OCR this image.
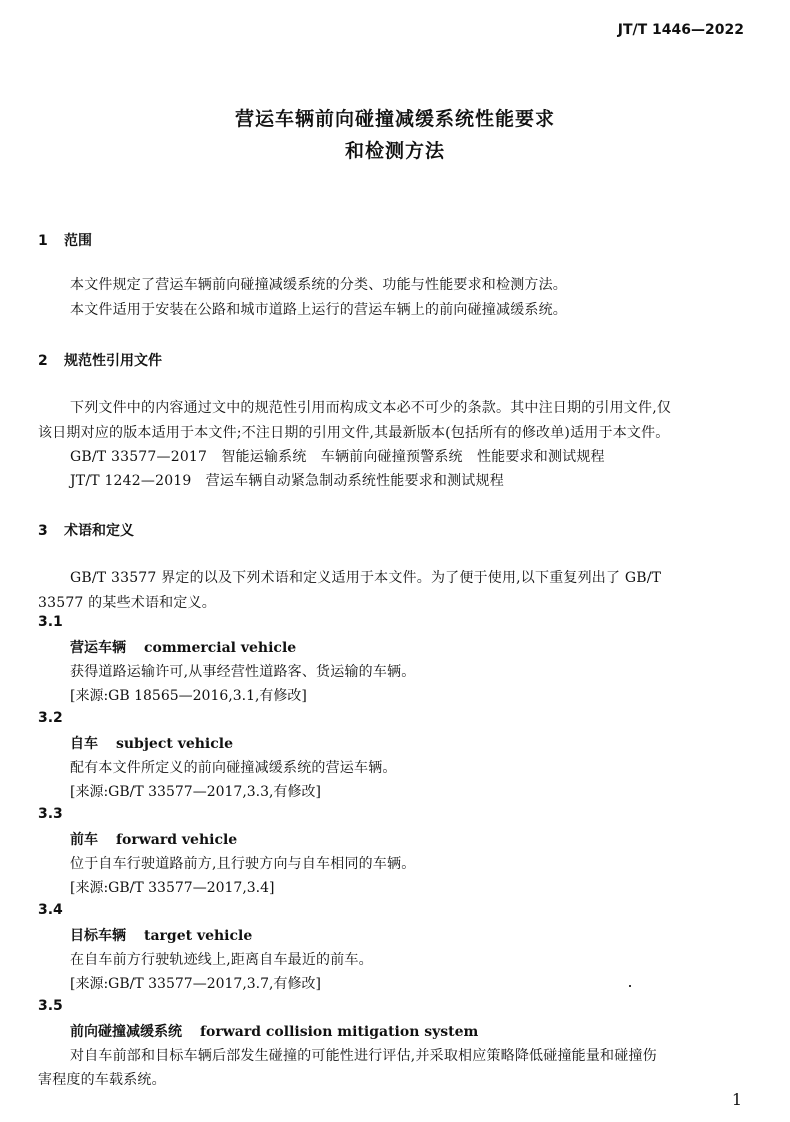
JT/T 1446—2022
营运车辆前向碰撞减缓系统性能要求
和检测方法
1 范围
本文件规定了营运车辆前向碰撞减缓系统的分类、功能与性能要求和检测方法。
本文件适用于安装在公路和城市道路上运行的营运车辆上的前向碰撞减缓系统。
2 规范性引用文件
下列文件中的内容通过文中的规范性引用而构成文本必不可少的条款。其中注日期的引用文件,仅
该日期对应的版本适用于本文件;不注日期的引用文件,其最新版本(包括所有的修改单)适用于本文件。
GB/T 33577—2017　智能运输系统　车辆前向碰撞预警系统　性能要求和测试规程
JT/T 1242—2019　营运车辆自动紧急制动系统性能要求和测试规程
3 术语和定义
GB/T 33577 界定的以及下列术语和定义适用于本文件。为了便于使用,以下重复列出了 GB/T
33577 的某些术语和定义。
3.1
营运车辆 commercial vehicle
获得道路运输许可,从事经营性道路客、货运输的车辆。
[来源:GB 18565—2016,3.1,有修改]
3.2
自车 subject vehicle
配有本文件所定义的前向碰撞减缓系统的营运车辆。
[来源:GB/T 33577—2017,3.3,有修改]
3.3
前车 forward vehicle
位于自车行驶道路前方,且行驶方向与自车相同的车辆。
[来源:GB/T 33577—2017,3.4]
3.4
目标车辆 target vehicle
在自车前方行驶轨迹线上,距离自车最近的前车。
[来源:GB/T 33577—2017,3.7,有修改]
3.5
前向碰撞减缓系统 forward collision mitigation system
对自车前部和目标车辆后部发生碰撞的可能性进行评估,并采取相应策略降低碰撞能量和碰撞伤
害程度的车载系统。
1
